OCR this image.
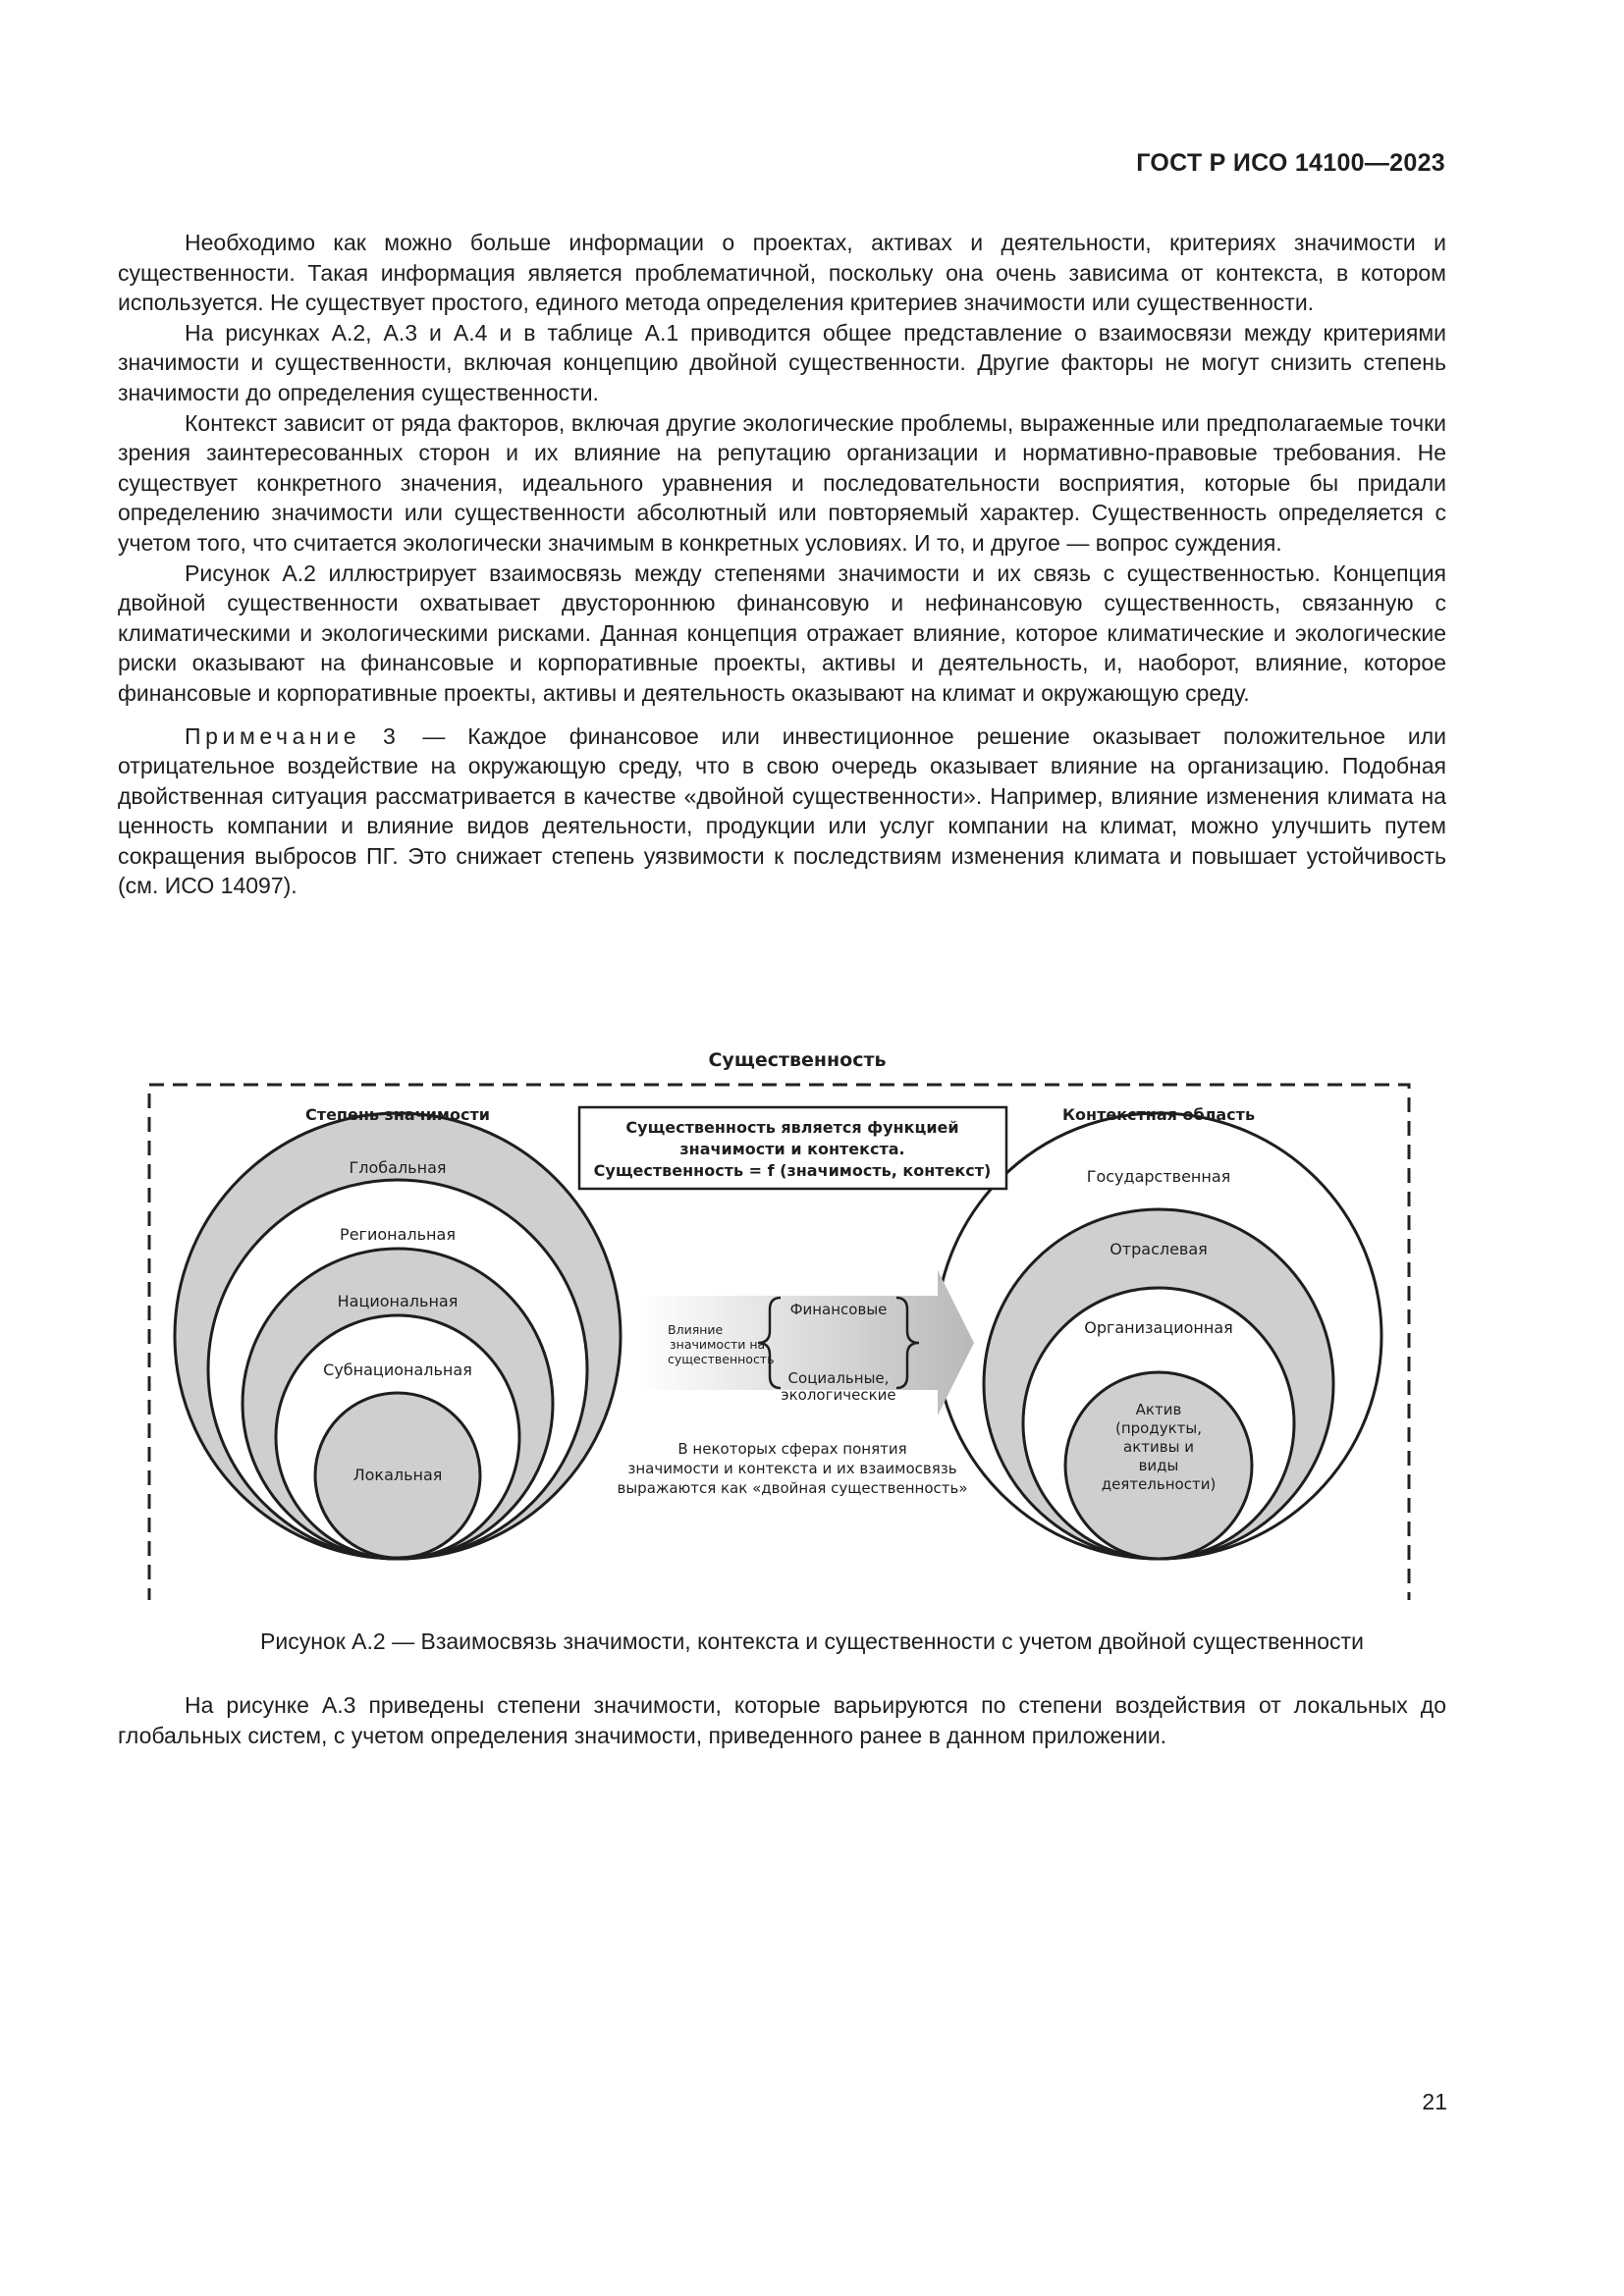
ГОСТ Р ИСО 14100—2023

Необходимо как можно больше информации о проектах, активах и деятельности, критериях значимости и существенности. Такая информация является проблематичной, поскольку она очень зависима от контекста, в котором используется. Не существует простого, единого метода определения критериев значимости или существенности.

На рисунках А.2, А.3 и А.4 и в таблице А.1 приводится общее представление о взаимосвязи между критериями значимости и существенности, включая концепцию двойной существенности. Другие факторы не могут снизить степень значимости до определения существенности.

Контекст зависит от ряда факторов, включая другие экологические проблемы, выраженные или предполагаемые точки зрения заинтересованных сторон и их влияние на репутацию организации и нормативно-правовые требования. Не существует конкретного значения, идеального уравнения и последовательности восприятия, которые бы придали определению значимости или существенности абсолютный или повторяемый характер. Существенность определяется с учетом того, что считается экологически значимым в конкретных условиях. И то, и другое — вопрос суждения.

Рисунок А.2 иллюстрирует взаимосвязь между степенями значимости и их связь с существенностью. Концепция двойной существенности охватывает двустороннюю финансовую и нефинансовую существенность, связанную с климатическими и экологическими рисками. Данная концепция отражает влияние, которое климатические и экологические риски оказывают на финансовые и корпоративные проекты, активы и деятельность, и, наоборот, влияние, которое финансовые и корпоративные проекты, активы и деятельность оказывают на климат и окружающую среду.

Примечание 3 — Каждое финансовое или инвестиционное решение оказывает положительное или отрицательное воздействие на окружающую среду, что в свою очередь оказывает влияние на организацию. Подобная двойственная ситуация рассматривается в качестве «двойной существенности». Например, влияние изменения климата на ценность компании и влияние видов деятельности, продукции или услуг компании на климат, можно улучшить путем сокращения выбросов ПГ. Это снижает степень уязвимости к последствиям изменения климата и повышает устойчивость (см. ИСО 14097).

Существенность
Степень значимости
Глобальная
Региональная
Национальная
Субнациональная
Локальная
Контекстная область
Государственная
Отраслевая
Организационная
Актив
(продукты,
активы и
виды
деятельности)
Существенность является функцией
значимости и контекста.
Существенность = f (значимость, контекст)
Влияние
значимости на
существенность
Финансовые
Социальные,
экологические
В некоторых сферах понятия
значимости и контекста и их взаимосвязь
выражаются как «двойная существенность»
Рисунок А.2 — Взаимосвязь значимости, контекста и существенности с учетом двойной существенности

На рисунке А.3 приведены степени значимости, которые варьируются по степени воздействия от локальных до глобальных систем, с учетом определения значимости, приведенного ранее в данном приложении.

21
